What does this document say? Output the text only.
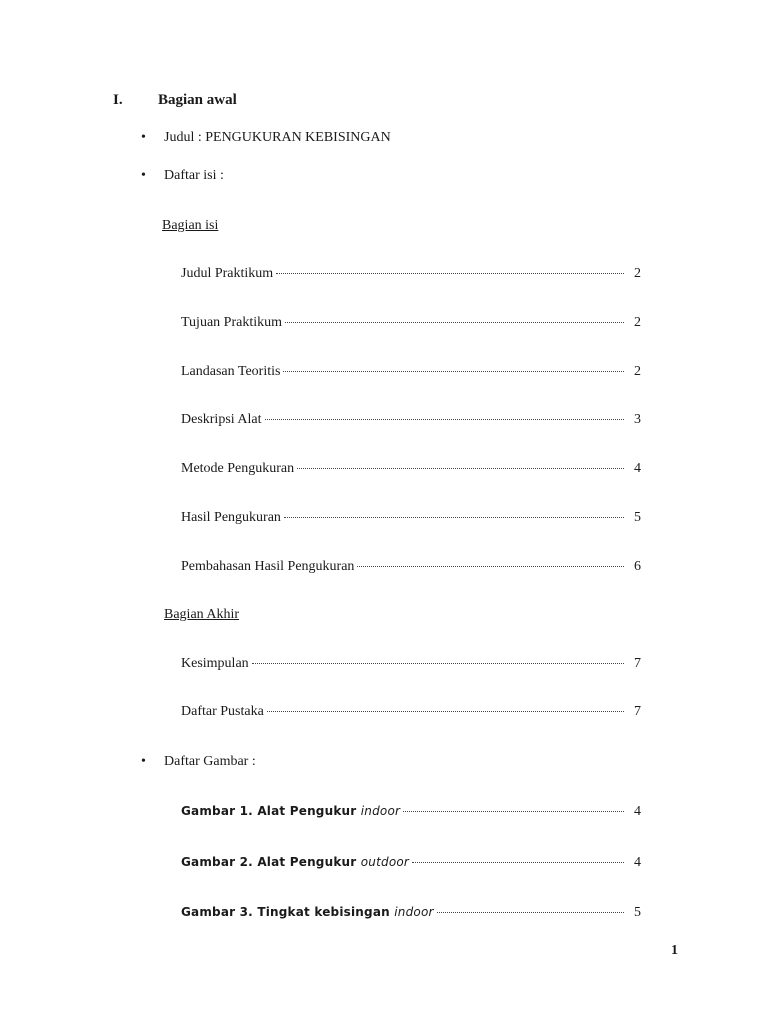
I. Bagian awal
• Judul : PENGUKURAN KEBISINGAN
• Daftar isi :
Bagian isi
Judul Praktikum	2
Tujuan Praktikum	2
Landasan Teoritis	2
Deskripsi Alat	3
Metode Pengukuran	4
Hasil Pengukuran	5
Pembahasan Hasil Pengukuran	6
Bagian Akhir
Kesimpulan	7
Daftar Pustaka	7
• Daftar Gambar :
Gambar 1. Alat Pengukur indoor	4
Gambar 2. Alat Pengukur outdoor	4
Gambar 3. Tingkat kebisingan indoor	5
1
